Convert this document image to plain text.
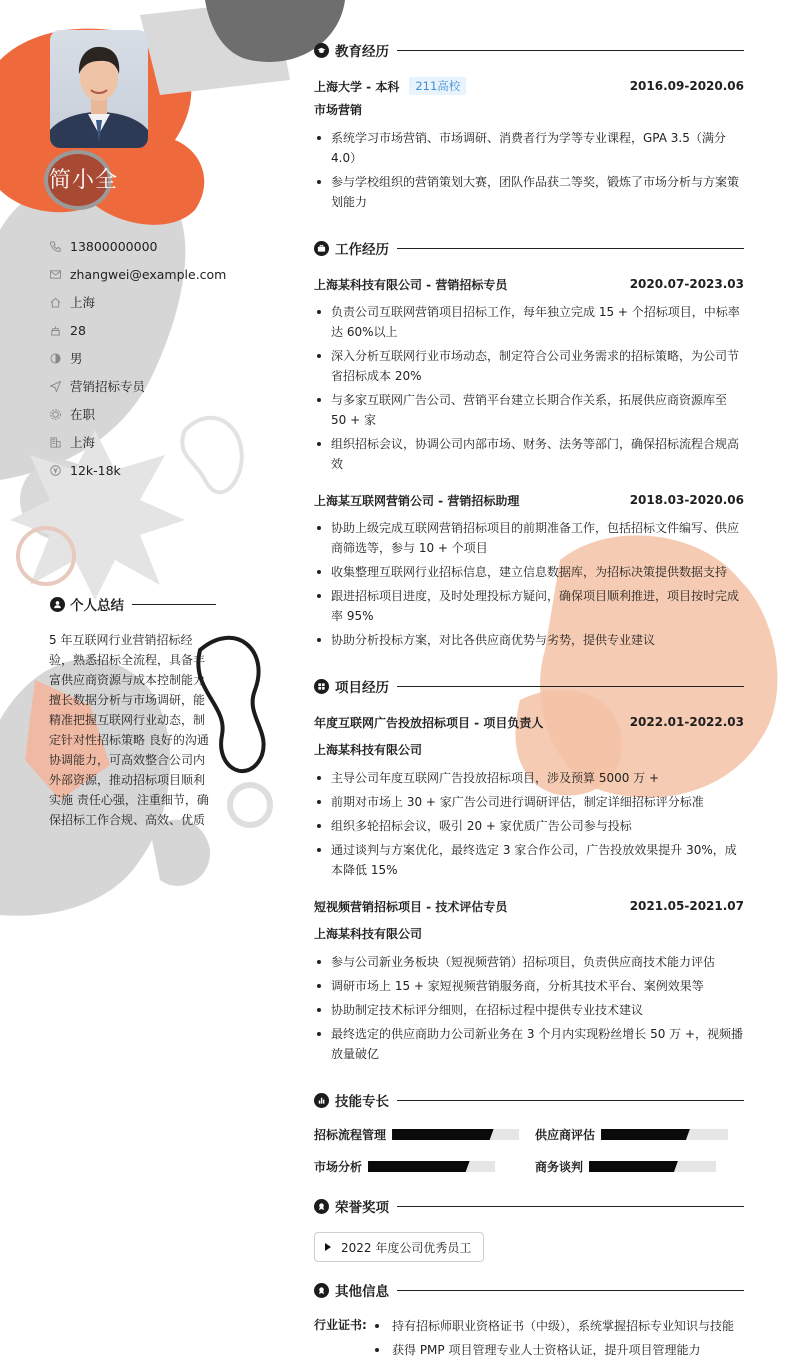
简小全
13800000000
zhangwei@example.com
上海
28
男
营销招标专员
在职
上海
12k-18k
个人总结
5 年互联网行业营销招标经验，熟悉招标全流程，具备丰富供应商资源与成本控制能力 擅长数据分析与市场调研，能精准把握互联网行业动态，制定针对性招标策略 良好的沟通协调能力，可高效整合公司内外部资源，推动招标项目顺利实施 责任心强，注重细节，确保招标工作合规、高效、优质
教育经历
上海大学 - 本科	211高校	2016.09-2020.06
市场营销
系统学习市场营销、市场调研、消费者行为学等专业课程，GPA 3.5（满分 4.0）
参与学校组织的营销策划大赛，团队作品获二等奖，锻炼了市场分析与方案策划能力
工作经历
上海某科技有限公司 - 营销招标专员	2020.07-2023.03
负责公司互联网营销项目招标工作，每年独立完成 15 + 个招标项目，中标率达 60%以上
深入分析互联网行业市场动态，制定符合公司业务需求的招标策略，为公司节省招标成本 20%
与多家互联网广告公司、营销平台建立长期合作关系，拓展供应商资源库至 50 + 家
组织招标会议，协调公司内部市场、财务、法务等部门，确保招标流程合规高效
上海某互联网营销公司 - 营销招标助理	2018.03-2020.06
协助上级完成互联网营销招标项目的前期准备工作，包括招标文件编写、供应商筛选等，参与 10 + 个项目
收集整理互联网行业招标信息，建立信息数据库，为招标决策提供数据支持
跟进招标项目进度，及时处理投标方疑问，确保项目顺利推进，项目按时完成率 95%
协助分析投标方案，对比各供应商优势与劣势，提供专业建议
项目经历
年度互联网广告投放招标项目 - 项目负责人	2022.01-2022.03
上海某科技有限公司
主导公司年度互联网广告投放招标项目，涉及预算 5000 万 +
前期对市场上 30 + 家广告公司进行调研评估，制定详细招标评分标准
组织多轮招标会议，吸引 20 + 家优质广告公司参与投标
通过谈判与方案优化，最终选定 3 家合作公司，广告投放效果提升 30%，成本降低 15%
短视频营销招标项目 - 技术评估专员	2021.05-2021.07
上海某科技有限公司
参与公司新业务板块（短视频营销）招标项目，负责供应商技术能力评估
调研市场上 15 + 家短视频营销服务商，分析其技术平台、案例效果等
协助制定技术标评分细则，在招标过程中提供专业技术建议
最终选定的供应商助力公司新业务在 3 个月内实现粉丝增长 50 万 +，视频播放量破亿
技能专长
招标流程管理	供应商评估
市场分析	商务谈判
荣誉奖项
2022 年度公司优秀员工
其他信息
行业证书:	持有招标师职业资格证书（中级），系统掌握招标专业知识与技能
获得 PMP 项目管理专业人士资格认证，提升项目管理能力
